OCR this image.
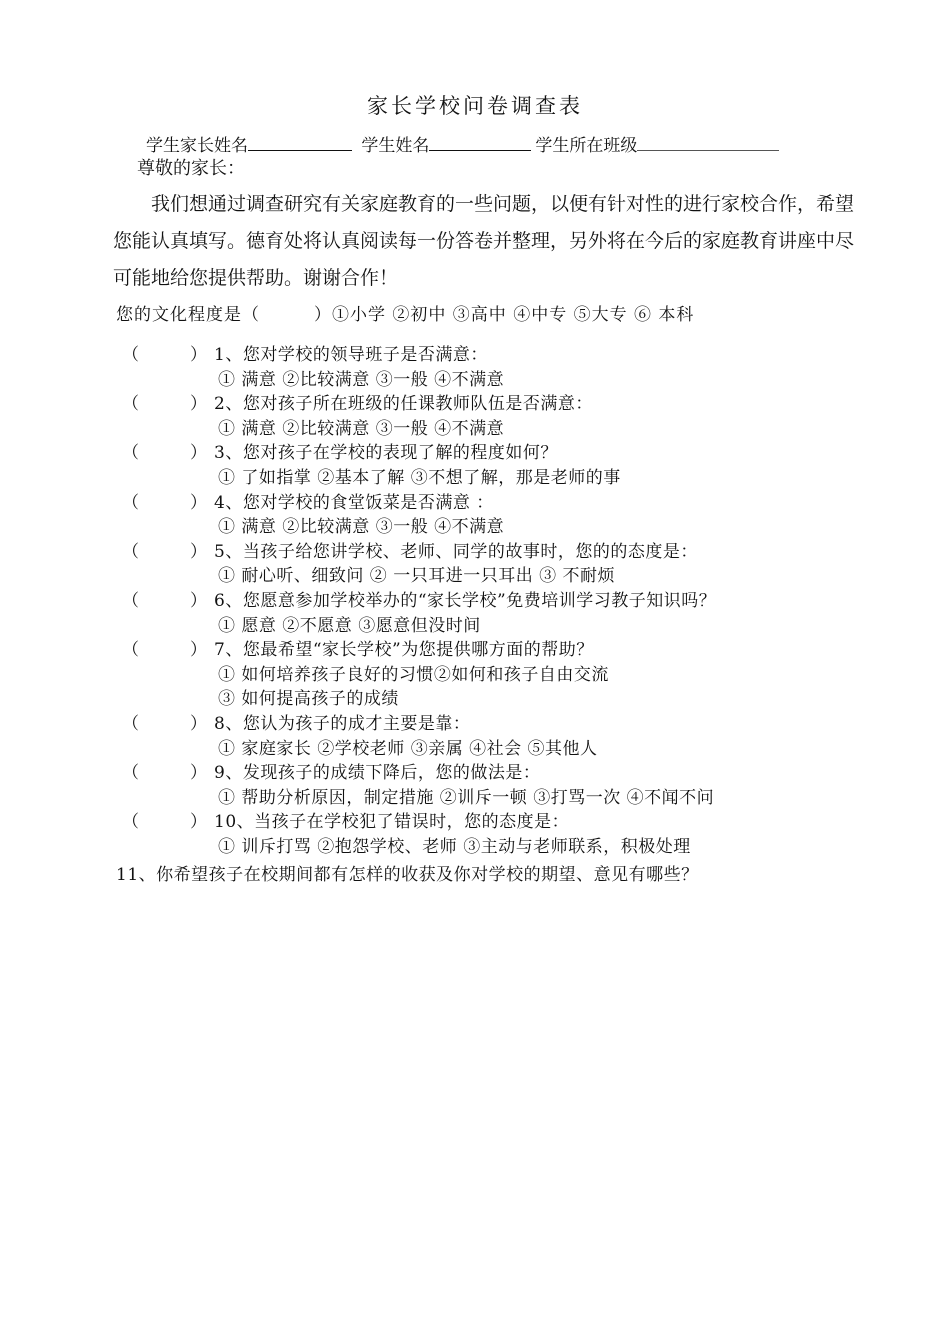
家长学校问卷调查表
学生家长姓名	学生姓名	学生所在班级
尊敬的家长：
我们想通过调查研究有关家庭教育的一些问题，以便有针对性的进行家校合作，希望您能认真填写。德育处将认真阅读每一份答卷并整理，另外将在今后的家庭教育讲座中尽可能地给您提供帮助。谢谢合作！
您的文化程度是（　　　）①小学 ②初中 ③高中 ④中专 ⑤大专 ⑥ 本科
（	） 1、您对学校的领导班子是否满意：
① 满意 ②比较满意 ③一般 ④不满意
（	） 2、您对孩子所在班级的任课教师队伍是否满意：
① 满意 ②比较满意 ③一般 ④不满意
（	） 3、您对孩子在学校的表现了解的程度如何？
① 了如指掌 ②基本了解 ③不想了解，那是老师的事
（	） 4、您对学校的食堂饭菜是否满意 ：
① 满意 ②比较满意 ③一般 ④不满意
（	） 5、当孩子给您讲学校、老师、同学的故事时，您的的态度是：
① 耐心听、细致问 ② 一只耳进一只耳出 ③ 不耐烦
（	） 6、您愿意参加学校举办的“家长学校”免费培训学习教子知识吗？
① 愿意 ②不愿意 ③愿意但没时间
（	） 7、您最希望“家长学校”为您提供哪方面的帮助？
① 如何培养孩子良好的习惯②如何和孩子自由交流
③ 如何提高孩子的成绩
（	） 8、您认为孩子的成才主要是靠：
① 家庭家长 ②学校老师 ③亲属 ④社会 ⑤其他人
（	） 9、发现孩子的成绩下降后，您的做法是：
① 帮助分析原因，制定措施 ②训斥一顿 ③打骂一次 ④不闻不问
（	） 10、当孩子在学校犯了错误时，您的态度是：
① 训斥打骂 ②抱怨学校、老师 ③主动与老师联系，积极处理
11、你希望孩子在校期间都有怎样的收获及你对学校的期望、意见有哪些？
